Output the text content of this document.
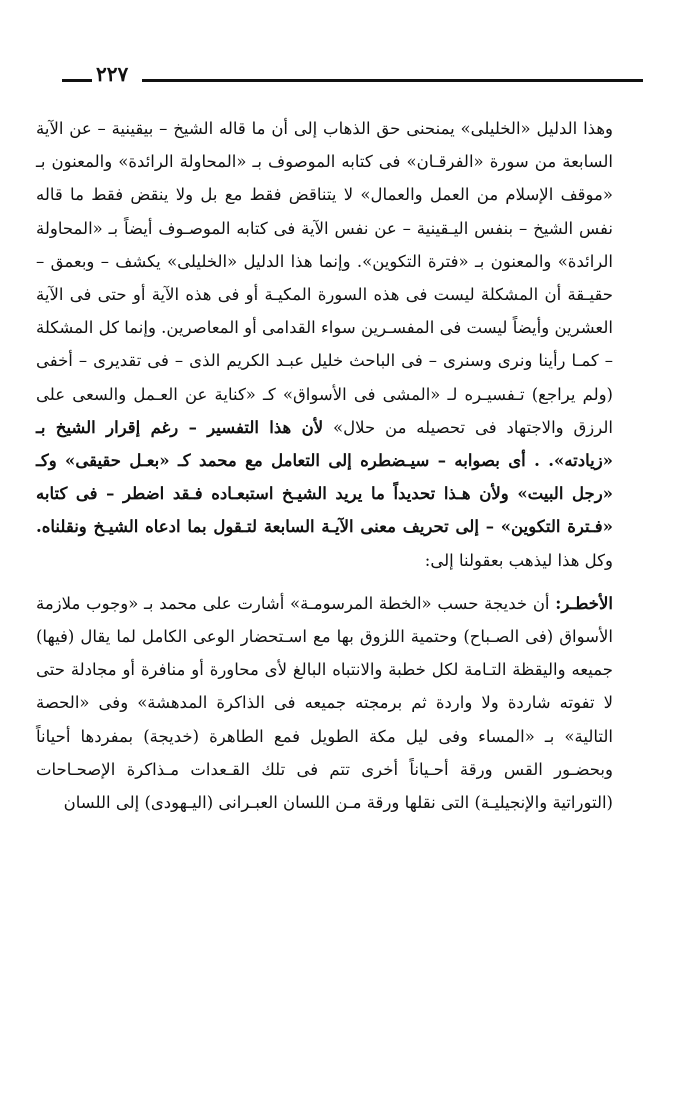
٢٢٧

وهذا الدليل «الخليلى» يمنحنى حق الذهاب إلى أن ما قاله الشيخ – بيقينية – عن الآية السابعة من سورة «الفرقـان» فى كتابه الموصوف بـ «المحاولة الرائدة» والمعنون بـ «موقف الإسلام من العمل والعمال» لا يتناقض فقط مع بل ولا ينقض فقط ما قاله نفس الشيخ – بنفس اليـقينية – عن نفس الآية فى كتابه الموصـوف أيضاً بـ «المحاولة الرائدة» والمعنون بـ «فترة التكوين». وإنما هذا الدليل «الخليلى» يكشف – وبعمق – حقيـقة أن المشكلة ليست فى هذه السورة المكيـة أو فى هذه الآية أو حتى فى الآية العشرين وأيضاً ليست فى المفسـرين سواء القدامى أو المعاصرين. وإنما كل المشكلة – كمـا رأينا ونرى وسنرى – فى الباحث خليل عبـد الكريم الذى – فى تقديرى – أخفى (ولم يراجع) تـفسيـره لـ «المشى فى الأسواق» كـ «كناية عن العـمل والسعى على الرزق والاجتهاد فى تحصيله من حلال» لأن هذا التفسير – رغم إقرار الشيخ بـ «زيادته». . أى بصوابه – سيـضطره إلى التعامل مع محمد كـ «بعـل حقيقى» وكـ «رجل البيت» ولأن هـذا تحديداً ما يريد الشيـخ استبعـاده فـقد اضطر – فى كتابه «فـترة التكوين» – إلى تحريف معنى الآيـة السابعة لتـقول بما ادعاه الشيـخ ونقلناه. وكل هذا ليذهب بعقولنا إلى:

الأخطـر: أن خديجة حسب «الخطة المرسومـة» أشارت على محمد بـ «وجوب ملازمة الأسواق (فى الصـباح) وحتمية اللزوق بها مع اسـتحضار الوعى الكامل لما يقال (فيها) جميعه واليقظة التـامة لكل خطبة والانتباه البالغ لأى محاورة أو منافرة أو مجادلة حتى لا تفوته شاردة ولا واردة ثم برمجته جميعه فى الذاكرة المدهشة» وفى «الحصة التالية» بـ «المساء وفى ليل مكة الطويل فمع الطاهرة (خديجة) بمفردها أحياناً وبحضـور القس ورقة أحـياناً أخرى تتم فى تلك القـعدات مـذاكرة الإصحـاحات (التوراتية والإنجيليـة) التى نقلها ورقة مـن اللسان العبـرانى (اليـهودى) إلى اللسان
